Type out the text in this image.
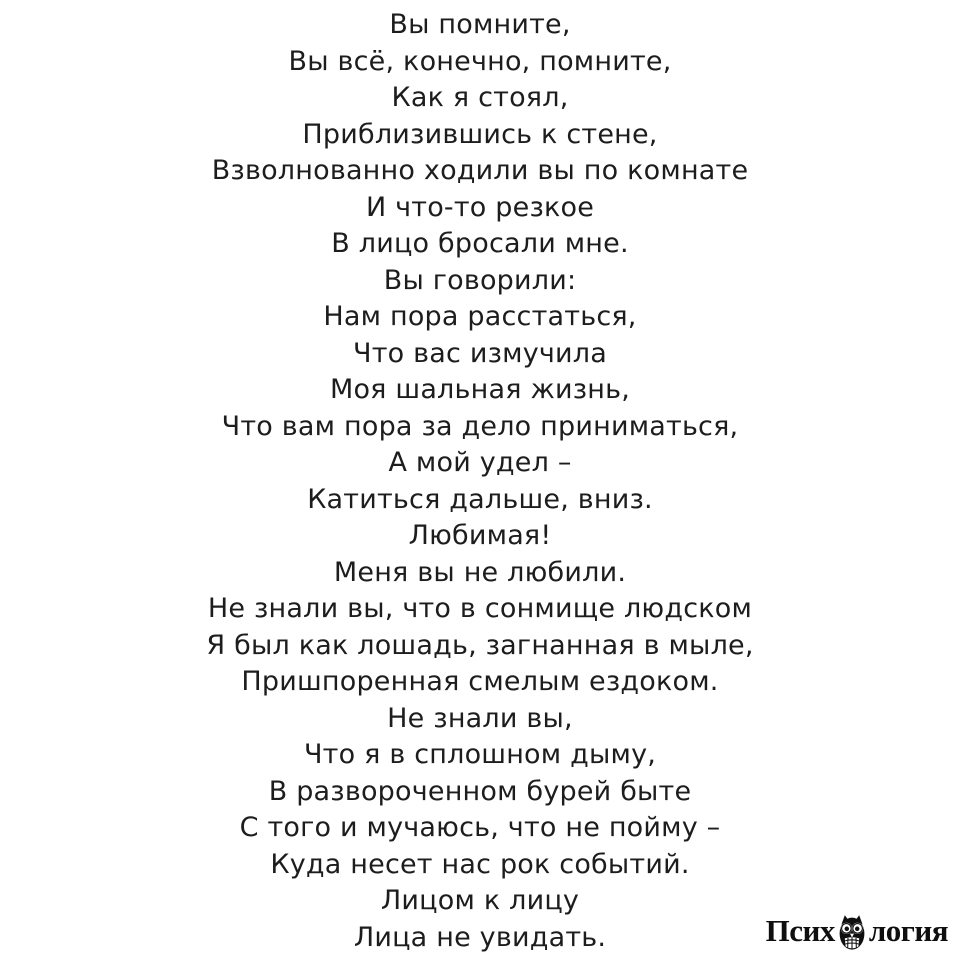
Вы помните,
Вы всё, конечно, помните,
Как я стоял,
Приблизившись к стене,
Взволнованно ходили вы по комнате
И что-то резкое
В лицо бросали мне.
Вы говорили:
Нам пора расстаться,
Что вас измучила
Моя шальная жизнь,
Что вам пора за дело приниматься,
А мой удел –
Катиться дальше, вниз.
Любимая!
Меня вы не любили.
Не знали вы, что в сонмище людском
Я был как лошадь, загнанная в мыле,
Пришпоренная смелым ездоком.
Не знали вы,
Что я в сплошном дыму,
В развороченном бурей быте
С того и мучаюсь, что не пойму –
Куда несет нас рок событий.
Лицом к лицу
Лица не увидать.	Псих логия
